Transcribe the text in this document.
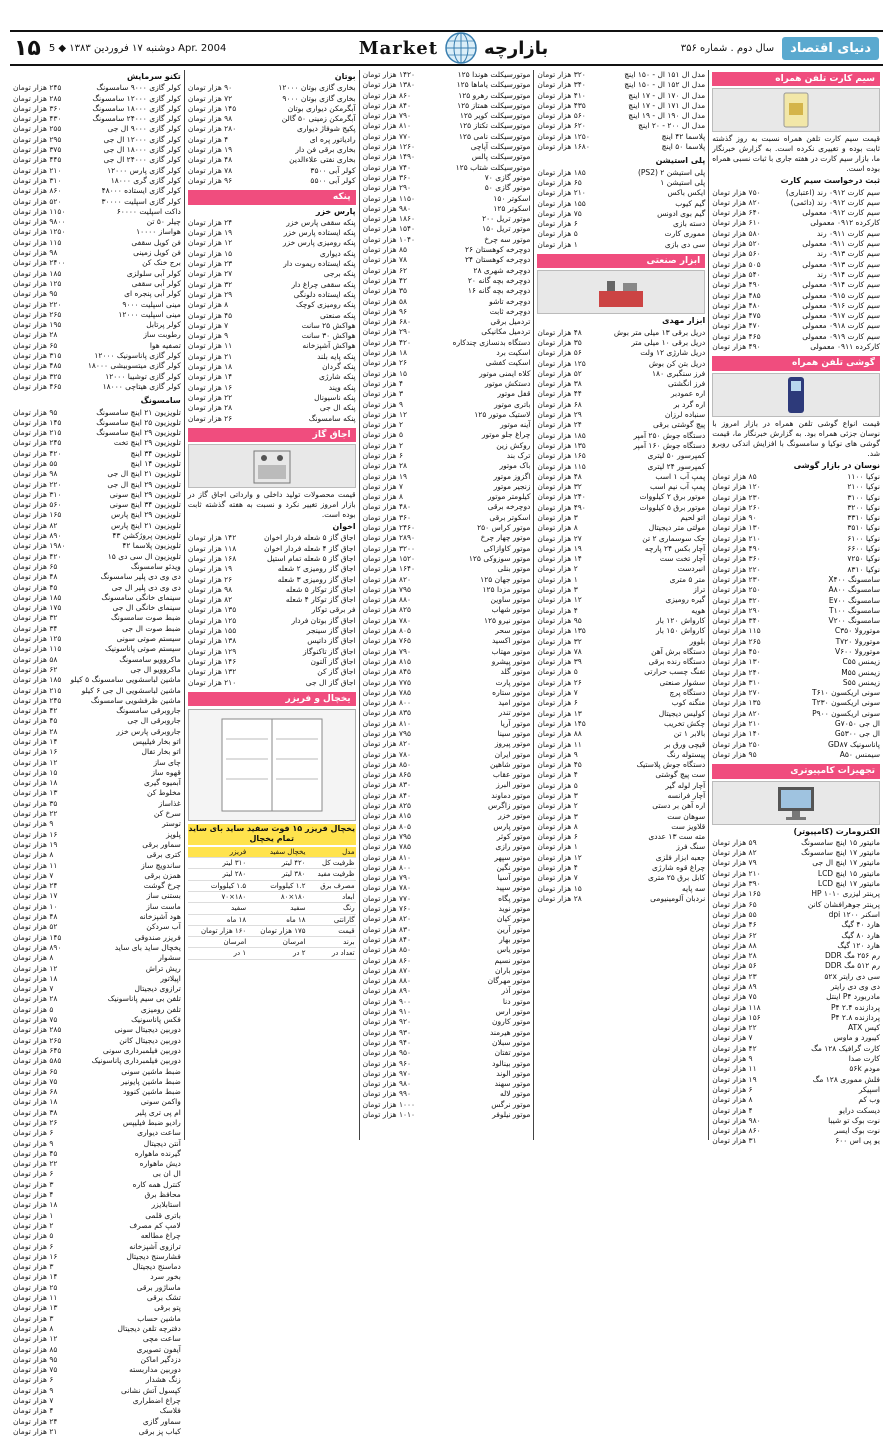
۱۵ دوشنبه ۱۷ فروردین ۱۳۸۳ ◆ 5 Apr. 2004	Market	بازارچه	سال دوم . شماره ۳۵۶	دنیای اقتصاد
سیم کارت تلفن همراه
قیمت سیم کارت تلفن همراه نسبت به روز گذشته ثابت بوده و تغییری نکرده است. به گزارش خبرنگار ما، بازار سیم کارت در هفته جاری با ثبات نسبی همراه بوده است.
ثبت درخواست سیم کارت
سیم کارت ۰۹۱۲ رند (اعتباری)
۷۵۰ هزار تومان
سیم کارت ۰۹۱۲ رند (دائمی)
۸۲۰ هزار تومان
سیم کارت ۰۹۱۲ معمولی
۶۴۰ هزار تومان
کارکرده ۰۹۱۲ معمولی
۶۱۰ هزار تومان
سیم کارت ۰۹۱۱ رند
۵۸۰ هزار تومان
سیم کارت ۰۹۱۱ معمولی
۵۲۰ هزار تومان
سیم کارت ۰۹۱۳ رند
۵۶۰ هزار تومان
سیم کارت ۰۹۱۳ معمولی
۵۰۵ هزار تومان
سیم کارت ۰۹۱۴ رند
۵۴۰ هزار تومان
سیم کارت ۰۹۱۴ معمولی
۴۹۰ هزار تومان
سیم کارت ۰۹۱۵ معمولی
۴۸۵ هزار تومان
سیم کارت ۰۹۱۶ معمولی
۴۸۰ هزار تومان
سیم کارت ۰۹۱۷ معمولی
۴۷۵ هزار تومان
سیم کارت ۰۹۱۸ معمولی
۴۷۰ هزار تومان
سیم کارت ۰۹۱۹ معمولی
۴۶۵ هزار تومان
کارکرده ۰۹۱۱ معمولی
۴۹۰ هزار تومان
گوشی تلفن همراه
قیمت انواع گوشی تلفن همراه در بازار امروز با نوسان جزئی همراه بود. به گزارش خبرنگار ما، قیمت گوشی های نوکیا و سامسونگ با افزایش اندکی روبرو شد.
نوسان در بازار گوشی
نوکیا ۱۱۰۰
۸۵ هزار تومان
نوکیا ۲۱۰۰
۱۲۰ هزار تومان
نوکیا ۳۱۰۰
۲۳۰ هزار تومان
نوکیا ۳۲۰۰
۲۶۰ هزار تومان
نوکیا ۳۳۱۰
۹۰ هزار تومان
نوکیا ۳۵۱۰
۱۳۰ هزار تومان
نوکیا ۶۱۰۰
۲۱۰ هزار تومان
نوکیا ۶۶۰۰
۴۹۰ هزار تومان
نوکیا ۷۲۵۰
۳۶۰ هزار تومان
نوکیا ۸۳۱۰
۲۲۰ هزار تومان
سامسونگ X۴۰۰
۲۳۰ هزار تومان
سامسونگ A۸۰۰
۲۵۰ هزار تومان
سامسونگ E۷۰۰
۳۲۰ هزار تومان
سامسونگ T۱۰۰
۲۹۰ هزار تومان
سامسونگ V۲۰۰
۳۴۰ هزار تومان
موتورولا C۳۵۰
۱۱۵ هزار تومان
موتورولا T۷۲۰
۲۶۵ هزار تومان
موتورولا V۶۰۰
۴۵۰ هزار تومان
زیمنس C۵۵
۱۳۰ هزار تومان
زیمنس M۵۵
۲۴۰ هزار تومان
زیمنس S۵۵
۳۱۰ هزار تومان
سونی اریکسون T۶۱۰
۲۷۰ هزار تومان
سونی اریکسون T۲۳۰
۱۳۵ هزار تومان
سونی اریکسون P۹۰۰
۸۲۰ هزار تومان
ال جی G۷۰۵۰
۲۱۰ هزار تومان
ال جی G۵۳۰۰
۱۴۰ هزار تومان
پاناسونیک GD۸۷
۲۵۰ هزار تومان
سیمنس A۵۰
۹۵ هزار تومان
تجهیزات کامپیوتری
الکترومارت (کامپیوتر)
مانیتور ۱۵ اینچ سامسونگ
۵۹ هزار تومان
مانیتور ۱۷ اینچ سامسونگ
۸۲ هزار تومان
مانیتور ۱۷ اینچ ال جی
۷۹ هزار تومان
مانیتور ۱۵ اینچ LCD
۲۱۰ هزار تومان
مانیتور ۱۷ اینچ LCD
۳۹۰ هزار تومان
پرینتر لیزری HP ۱۰۱۰
۱۶۵ هزار تومان
پرینتر جوهرافشان کانن
۶۵ هزار تومان
اسکنر ۱۲۰۰ dpi
۵۵ هزار تومان
هارد ۴۰ گیگ
۴۶ هزار تومان
هارد ۸۰ گیگ
۶۲ هزار تومان
هارد ۱۲۰ گیگ
۸۸ هزار تومان
رم ۲۵۶ مگ DDR
۲۸ هزار تومان
رم ۵۱۲ مگ DDR
۵۶ هزار تومان
سی دی رایتر ۵۲x
۲۳ هزار تومان
دی وی دی رایتر
۸۹ هزار تومان
مادربورد P۴ اینتل
۷۵ هزار تومان
پردازنده P۴ ۲.۴
۱۱۸ هزار تومان
پردازنده P۴ ۲.۸
۱۵۶ هزار تومان
کیس ATX
۲۲ هزار تومان
کیبورد و ماوس
۷ هزار تومان
کارت گرافیک ۱۲۸ مگ
۴۲ هزار تومان
کارت صدا
۹ هزار تومان
مودم ۵۶k
۱۱ هزار تومان
فلش مموری ۱۲۸ مگ
۱۹ هزار تومان
اسپیکر
۶ هزار تومان
وب کم
۸ هزار تومان
دیسکت درایو
۴ هزار تومان
نوت بوک تو شیبا
۹۸۰ هزار تومان
نوت بوک ایسر
۸۶۰ هزار تومان
یو پی اس ۶۰۰
۳۱ هزار تومان
مدل ال ۱۵۱ ال - ۱۵۰ اینچ
۳۲۰ هزار تومان
مدل ال ۱۵۲ ال - ۱۵۰ اینچ
۳۴۰ هزار تومان
مدل ال ۱۷۰ ال - ۱۷ اینچ
۴۱۰ هزار تومان
مدل ال ۱۷۱ ال - ۱۷ اینچ
۴۳۵ هزار تومان
مدل ال ۱۹۰ ال - ۱۹ اینچ
۵۶۰ هزار تومان
مدل ال ۲۰۰ - ۲۰ اینچ
۶۲۰ هزار تومان
پلاسما ۴۲ اینچ
۱۲۵۰ هزار تومان
پلاسما ۵۰ اینچ
۱۶۸۰ هزار تومان
پلی استیشن
پلی استیشن ۲ (PS2)
۱۸۵ هزار تومان
پلی استیشن ۱
۶۵ هزار تومان
ایکس باکس
۲۱۰ هزار تومان
گیم کیوب
۱۵۵ هزار تومان
گیم بوی ادونس
۷۵ هزار تومان
دسته بازی
۶ هزار تومان
مموری کارت
۵ هزار تومان
سی دی بازی
۱ هزار تومان
ابزار صنعتی
ابزار مهدی
دریل برقی ۱۳ میلی متر بوش
۴۸ هزار تومان
دریل برقی ۱۰ میلی متر
۳۵ هزار تومان
دریل شارژی ۱۲ ولت
۵۶ هزار تومان
دریل بتن کن بوش
۱۲۵ هزار تومان
فرز سنگبری ۱۸۰
۵۲ هزار تومان
فرز انگشتی
۳۸ هزار تومان
اره عمودبر
۴۴ هزار تومان
اره گرد بر
۶۸ هزار تومان
سنباده لرزان
۲۹ هزار تومان
پیچ گوشتی برقی
۲۴ هزار تومان
دستگاه جوش ۲۵۰ آمپر
۱۸۵ هزار تومان
دستگاه جوش ۱۶۰ آمپر
۱۳۵ هزار تومان
کمپرسور ۵۰ لیتری
۱۶۵ هزار تومان
کمپرسور ۲۴ لیتری
۱۱۵ هزار تومان
پمپ آب ۱ اسب
۴۸ هزار تومان
پمپ آب نیم اسب
۳۲ هزار تومان
موتور برق ۲ کیلووات
۲۴۰ هزار تومان
موتور برق ۵ کیلووات
۴۹۰ هزار تومان
اتو لحیم
۳ هزار تومان
مولتی متر دیجیتال
۸ هزار تومان
جک سوسماری ۲ تن
۲۷ هزار تومان
آچار بکس ۲۴ پارچه
۱۹ هزار تومان
آچار تخت ست
۱۴ هزار تومان
انبردست
۲ هزار تومان
متر ۵ متری
۱ هزار تومان
تراز
۳ هزار تومان
گیره رومیزی
۱۲ هزار تومان
هویه
۴ هزار تومان
کارواش ۱۲۰ بار
۹۵ هزار تومان
کارواش ۱۵۰ بار
۱۳۵ هزار تومان
بلوور
۳۲ هزار تومان
دستگاه برش آهن
۷۸ هزار تومان
دستگاه رنده برقی
۳۹ هزار تومان
تفنگ چسب حرارتی
۵ هزار تومان
سشوار صنعتی
۲۶ هزار تومان
دستگاه پرچ
۷ هزار تومان
منگنه کوب
۶ هزار تومان
کولیس دیجیتال
۱۳ هزار تومان
چکش تخریب
۱۴۵ هزار تومان
بالابر ۱ تن
۸۸ هزار تومان
قیچی ورق بر
۱۱ هزار تومان
پیستوله رنگ
۹ هزار تومان
دستگاه جوش پلاستیک
۴۵ هزار تومان
ست پیچ گوشتی
۴ هزار تومان
آچار لوله گیر
۵ هزار تومان
آچار فرانسه
۳ هزار تومان
اره آهن بر دستی
۲ هزار تومان
سوهان ست
۳ هزار تومان
قلاویز ست
۸ هزار تومان
مته ست ۱۳ عددی
۶ هزار تومان
سنگ فرز
۱ هزار تومان
جعبه ابزار فلزی
۱۲ هزار تومان
چراغ قوه شارژی
۴ هزار تومان
کابل برق ۲۵ متری
۷ هزار تومان
سه پایه
۱۵ هزار تومان
نردبان آلومینیومی
۲۸ هزار تومان
موتورسیکلت هوندا ۱۲۵
۱۴۲۰ هزار تومان
موتورسیکلت یاماها ۱۲۵
۱۳۸۰ هزار تومان
موتورسیکلت رهرو ۱۲۵
۸۶۰ هزار تومان
موتورسیکلت همتاز ۱۲۵
۸۴۰ هزار تومان
موتورسیکلت کویر ۱۲۵
۷۹۰ هزار تومان
موتورسیکلت تکتاز ۱۲۵
۸۱۰ هزار تومان
موتورسیکلت نامی ۱۲۵
۷۷۰ هزار تومان
موتورسیکلت آپاچی
۱۲۶۰ هزار تومان
موتورسیکلت پالس
۱۴۹۰ هزار تومان
موتورسیکلت شتاب ۱۲۵
۷۴۰ هزار تومان
موتور گازی ۷۰
۳۶۰ هزار تومان
موتور گازی ۵۰
۲۹۰ هزار تومان
اسکوتر ۱۵۰
۱۱۵۰ هزار تومان
اسکوتر ۱۲۵
۹۸۰ هزار تومان
موتور تریل ۲۰۰
۱۸۶۰ هزار تومان
موتور تریل ۱۵۰
۱۵۴۰ هزار تومان
موتور سه چرخ
۱۰۴۰ هزار تومان
دوچرخه کوهستان ۲۶
۸۵ هزار تومان
دوچرخه کوهستان ۲۴
۷۸ هزار تومان
دوچرخه شهری ۲۸
۶۲ هزار تومان
دوچرخه بچه گانه ۲۰
۴۲ هزار تومان
دوچرخه بچه گانه ۱۶
۳۵ هزار تومان
دوچرخه تاشو
۵۸ هزار تومان
دوچرخه ثابت
۹۶ هزار تومان
تردمیل برقی
۶۸۰ هزار تومان
تردمیل مکانیکی
۲۹۰ هزار تومان
دستگاه بدنسازی چندکاره
۴۲۰ هزار تومان
اسکیت برد
۱۸ هزار تومان
اسکیت کفشی
۲۶ هزار تومان
کلاه ایمنی موتور
۱۵ هزار تومان
دستکش موتور
۴ هزار تومان
قفل موتور
۳ هزار تومان
باتری موتور
۹ هزار تومان
لاستیک موتور ۱۲۵
۱۲ هزار تومان
آینه موتور
۲ هزار تومان
چراغ جلو موتور
۵ هزار تومان
روکش زین
۲ هزار تومان
ترک بند
۶ هزار تومان
باک موتور
۲۸ هزار تومان
اگزوز موتور
۱۹ هزار تومان
زنجیر موتور
۷ هزار تومان
کیلومتر موتور
۸ هزار تومان
دوچرخه برقی
۴۸۰ هزار تومان
اسکوتر برقی
۳۶۰ هزار تومان
موتور کراس ۲۵۰
۲۴۶۰ هزار تومان
موتور چهار چرخ
۲۸۹۰ هزار تومان
موتور کاوازاکی
۳۲۰۰ هزار تومان
موتور سوزوکی ۱۲۵
۱۵۲۰ هزار تومان
موتور بنلی
۱۶۴۰ هزار تومان
موتور جهان ۱۲۵
۸۲۰ هزار تومان
موتور مزدا ۱۲۵
۷۹۵ هزار تومان
موتور ساوین
۸۸۰ هزار تومان
موتور شهاب
۸۲۵ هزار تومان
موتور نیرو ۱۲۵
۷۸۰ هزار تومان
موتور سحر
۸۰۵ هزار تومان
موتور اکسید
۷۶۵ هزار تومان
موتور مهتاب
۷۹۰ هزار تومان
موتور پیشرو
۸۱۵ هزار تومان
موتور گلد
۸۴۵ هزار تومان
موتور پارت
۷۷۵ هزار تومان
موتور ستاره
۷۸۵ هزار تومان
موتور امید
۸۰۰ هزار تومان
موتور تندر
۸۳۵ هزار تومان
موتور آریا
۸۱۰ هزار تومان
موتور سینا
۷۹۵ هزار تومان
موتور پیروز
۸۲۰ هزار تومان
موتور ایران
۷۸۰ هزار تومان
موتور شاهین
۸۵۰ هزار تومان
موتور عقاب
۸۶۵ هزار تومان
موتور البرز
۸۳۰ هزار تومان
موتور دماوند
۸۴۰ هزار تومان
موتور زاگرس
۸۲۵ هزار تومان
موتور خزر
۸۱۵ هزار تومان
موتور پارس
۸۰۵ هزار تومان
موتور کوثر
۷۹۵ هزار تومان
موتور رازی
۷۸۵ هزار تومان
موتور سپهر
۸۱۰ هزار تومان
موتور نگین
۸۰۰ هزار تومان
موتور آسیا
۷۹۰ هزار تومان
موتور سپید
۷۸۰ هزار تومان
موتور پگاه
۷۷۰ هزار تومان
موتور نوید
۷۶۰ هزار تومان
موتور کیان
۸۲۰ هزار تومان
موتور آرین
۸۳۰ هزار تومان
موتور بهار
۸۴۰ هزار تومان
موتور یاس
۸۵۰ هزار تومان
موتور نسیم
۸۶۰ هزار تومان
موتور باران
۸۷۰ هزار تومان
موتور مهرگان
۸۸۰ هزار تومان
موتور آذر
۸۹۰ هزار تومان
موتور دنا
۹۰۰ هزار تومان
موتور ارس
۹۱۰ هزار تومان
موتور کارون
۹۲۰ هزار تومان
موتور هیرمند
۹۳۰ هزار تومان
موتور سبلان
۹۴۰ هزار تومان
موتور تفتان
۹۵۰ هزار تومان
موتور بینالود
۹۶۰ هزار تومان
موتور الوند
۹۷۰ هزار تومان
موتور سهند
۹۸۰ هزار تومان
موتور لاله
۹۹۰ هزار تومان
موتور نرگس
۱۰۰۰ هزار تومان
موتور نیلوفر
۱۰۱۰ هزار تومان
بوتان
بخاری گازی بوتان ۱۲۰۰۰
۹۰ هزار تومان
بخاری گازی بوتان ۹۰۰۰
۷۲ هزار تومان
آبگرمکن دیواری بوتان
۱۴۵ هزار تومان
آبگرمکن زمینی ۵۰ گالن
۹۸ هزار تومان
پکیج شوفاژ دیواری
۲۸۰ هزار تومان
رادیاتور پره ای
۴ هزار تومان
بخاری برقی فن دار
۱۹ هزار تومان
بخاری نفتی علاءالدین
۴۸ هزار تومان
کولر آبی ۳۵۰۰
۷۸ هزار تومان
کولر آبی ۵۵۰۰
۹۶ هزار تومان
پنکه
پارس خزر
پنکه سقفی پارس خزر
۲۴ هزار تومان
پنکه ایستاده پارس خزر
۱۹ هزار تومان
پنکه رومیزی پارس خزر
۱۲ هزار تومان
پنکه دیواری
۱۵ هزار تومان
پنکه ایستاده ریموت دار
۲۳ هزار تومان
پنکه برجی
۲۷ هزار تومان
پنکه سقفی چراغ دار
۳۲ هزار تومان
پنکه ایستاده دلونگی
۲۹ هزار تومان
پنکه رومیزی کوچک
۸ هزار تومان
پنکه صنعتی
۴۵ هزار تومان
هواکش ۲۵ سانت
۷ هزار تومان
هواکش ۳۰ سانت
۹ هزار تومان
هواکش آشپزخانه
۱۱ هزار تومان
پنکه پایه بلند
۲۱ هزار تومان
پنکه گردان
۱۸ هزار تومان
پنکه شارژی
۱۴ هزار تومان
پنکه ویند
۱۶ هزار تومان
پنکه ناسیونال
۲۲ هزار تومان
پنکه ال جی
۲۸ هزار تومان
پنکه سامسونگ
۲۶ هزار تومان
اجاق گاز
قیمت محصولات تولید داخلی و وارداتی اجاق گاز در بازار امروز تغییر نکرد و نسبت به هفته گذشته ثابت بوده است.
اخوان
اجاق گاز ۵ شعله فردار اخوان
۱۴۲ هزار تومان
اجاق گاز ۴ شعله فردار اخوان
۱۱۸ هزار تومان
اجاق گاز ۵ شعله تمام استیل
۱۶۸ هزار تومان
اجاق گاز رومیزی ۲ شعله
۱۹ هزار تومان
اجاق گاز رومیزی ۳ شعله
۲۶ هزار تومان
اجاق گاز توکار ۵ شعله
۹۸ هزار تومان
اجاق گاز توکار ۴ شعله
۸۲ هزار تومان
فر برقی توکار
۱۳۵ هزار تومان
اجاق گاز بوتان فردار
۱۲۵ هزار تومان
اجاق گاز سینجر
۱۵۵ هزار تومان
اجاق گاز داتیس
۱۳۸ هزار تومان
اجاق گاز تاکنوگاز
۱۲۹ هزار تومان
اجاق گاز آلتون
۱۴۶ هزار تومان
اجاق گاز کن
۱۳۲ هزار تومان
اجاق گاز ال جی
۲۱۰ هزار تومان
یخچال و فریزر
یخچال فریزر ۱۵ فوت سفید ساید بای ساید تمام یخچال
مدل	یخچال سفید	فریزر
ظرفیت کل	۴۲۰ لیتر	۳۱۰ لیتر
ظرفیت مفید	۳۸۰ لیتر	۲۸۰ لیتر
مصرف برق	۱.۲ کیلووات	۱.۵ کیلووات
ابعاد	۱۸۰×۸۰	۱۸۰×۷۰
رنگ	سفید	سفید
گارانتی	۱۸ ماه	۱۸ ماه
قیمت	۱۷۵ هزار تومان	۱۶۰ هزار تومان
برند	امرسان	امرسان
تعداد در	۲ در	۱ در
تکنو سرمایش
کولر گازی ۹۰۰۰ سامسونگ
۲۴۵ هزار تومان
کولر گازی ۱۲۰۰۰ سامسونگ
۲۸۵ هزار تومان
کولر گازی ۱۸۰۰۰ سامسونگ
۳۶۰ هزار تومان
کولر گازی ۲۴۰۰۰ سامسونگ
۴۳۰ هزار تومان
کولر گازی ۹۰۰۰ ال جی
۲۵۵ هزار تومان
کولر گازی ۱۲۰۰۰ ال جی
۲۹۵ هزار تومان
کولر گازی ۱۸۰۰۰ ال جی
۳۷۵ هزار تومان
کولر گازی ۲۴۰۰۰ ال جی
۴۴۵ هزار تومان
کولر گازی پارس ۱۲۰۰۰
۲۱۰ هزار تومان
کولر گازی گری ۱۸۰۰۰
۳۱۰ هزار تومان
کولر گازی ایستاده ۴۸۰۰۰
۸۶۰ هزار تومان
کولر گازی اسپلیت ۳۰۰۰۰
۵۲۰ هزار تومان
داکت اسپلیت ۶۰۰۰۰
۱۱۵۰ هزار تومان
چیلر ۵۰ تن
۹۸۰۰ هزار تومان
هواساز ۱۰۰۰۰
۱۲۵۰ هزار تومان
فن کویل سقفی
۱۱۵ هزار تومان
فن کویل زمینی
۹۸ هزار تومان
برج خنک کن
۲۴۰۰ هزار تومان
کولر آبی سلولزی
۱۸۵ هزار تومان
کولر آبی سقفی
۱۲۵ هزار تومان
کولر آبی پنجره ای
۹۵ هزار تومان
مینی اسپلیت ۹۰۰۰
۲۲۰ هزار تومان
مینی اسپلیت ۱۲۰۰۰
۲۶۵ هزار تومان
کولر پرتابل
۱۹۵ هزار تومان
رطوبت ساز
۲۸ هزار تومان
تصفیه هوا
۶۵ هزار تومان
کولر گازی پاناسونیک ۱۲۰۰۰
۳۱۵ هزار تومان
کولر گازی میتسوبیشی ۱۸۰۰۰
۴۸۵ هزار تومان
کولر گازی توشیبا ۱۲۰۰۰
۳۲۵ هزار تومان
کولر گازی هیتاچی ۱۸۰۰۰
۴۶۵ هزار تومان
سامسونگ
تلویزیون ۲۱ اینچ سامسونگ
۹۵ هزار تومان
تلویزیون ۲۵ اینچ سامسونگ
۱۴۵ هزار تومان
تلویزیون ۲۹ اینچ سامسونگ
۲۱۵ هزار تومان
تلویزیون ۲۹ اینچ تخت
۲۴۵ هزار تومان
تلویزیون ۳۴ اینچ
۴۲۰ هزار تومان
تلویزیون ۱۴ اینچ
۵۵ هزار تومان
تلویزیون ۲۱ اینچ ال جی
۹۸ هزار تومان
تلویزیون ۲۹ اینچ ال جی
۲۲۰ هزار تومان
تلویزیون ۲۹ اینچ سونی
۳۱۰ هزار تومان
تلویزیون ۳۴ اینچ سونی
۵۶۰ هزار تومان
تلویزیون ۲۹ اینچ پارس
۱۶۵ هزار تومان
تلویزیون ۲۱ اینچ پارس
۸۲ هزار تومان
تلویزیون پروژکشن ۴۳
۸۹۰ هزار تومان
تلویزیون پلاسما ۴۲
۱۹۸۰ هزار تومان
تلویزیون ال سی دی ۱۵
۴۲۰ هزار تومان
ویدئو سامسونگ
۶۵ هزار تومان
دی وی دی پلیر سامسونگ
۴۸ هزار تومان
دی وی دی پلیر ال جی
۴۵ هزار تومان
سینمای خانگی سامسونگ
۱۸۵ هزار تومان
سینمای خانگی ال جی
۱۷۵ هزار تومان
ضبط صوت سامسونگ
۳۲ هزار تومان
ضبط صوت ال جی
۳۴ هزار تومان
سیستم صوتی سونی
۱۲۵ هزار تومان
سیستم صوتی پاناسونیک
۱۱۵ هزار تومان
ماکروویو سامسونگ
۵۸ هزار تومان
ماکروویو ال جی
۶۲ هزار تومان
ماشین لباسشویی سامسونگ ۵ کیلو
۱۸۵ هزار تومان
ماشین لباسشویی ال جی ۶ کیلو
۲۱۵ هزار تومان
ماشین ظرفشویی سامسونگ
۲۴۵ هزار تومان
جاروبرقی سامسونگ
۴۲ هزار تومان
جاروبرقی ال جی
۴۵ هزار تومان
جاروبرقی پارس خزر
۲۸ هزار تومان
اتو بخار فیلیپس
۱۴ هزار تومان
اتو بخار تفال
۱۶ هزار تومان
چای ساز
۱۲ هزار تومان
قهوه ساز
۱۵ هزار تومان
آبمیوه گیری
۱۸ هزار تومان
مخلوط کن
۱۳ هزار تومان
غذاساز
۳۵ هزار تومان
سرخ کن
۲۲ هزار تومان
توستر
۹ هزار تومان
پلوپز
۱۶ هزار تومان
سماور برقی
۱۹ هزار تومان
کتری برقی
۸ هزار تومان
ساندویچ ساز
۱۱ هزار تومان
همزن برقی
۷ هزار تومان
چرخ گوشت
۲۴ هزار تومان
بستنی ساز
۱۷ هزار تومان
ماست ساز
۱۰ هزار تومان
هود آشپزخانه
۴۸ هزار تومان
آب سردکن
۵۲ هزار تومان
فریزر صندوقی
۱۴۵ هزار تومان
یخچال ساید بای ساید
۸۹۰ هزار تومان
سشوار
۸ هزار تومان
ریش تراش
۱۲ هزار تومان
اپیلاتور
۱۸ هزار تومان
ترازوی دیجیتال
۷ هزار تومان
تلفن بی سیم پاناسونیک
۲۸ هزار تومان
تلفن رومیزی
۵ هزار تومان
فکس پاناسونیک
۷۵ هزار تومان
دوربین دیجیتال سونی
۲۸۵ هزار تومان
دوربین دیجیتال کانن
۲۶۵ هزار تومان
دوربین فیلمبرداری سونی
۶۴۵ هزار تومان
دوربین فیلمبرداری پاناسونیک
۵۸۵ هزار تومان
ضبط ماشین سونی
۶۵ هزار تومان
ضبط ماشین پایونیر
۷۵ هزار تومان
ضبط ماشین کنوود
۶۸ هزار تومان
واکمن سونی
۱۸ هزار تومان
ام پی تری پلیر
۳۸ هزار تومان
رادیو ضبط فیلیپس
۲۶ هزار تومان
ساعت دیواری
۶ هزار تومان
آنتن دیجیتال
۹ هزار تومان
گیرنده ماهواره
۴۵ هزار تومان
دیش ماهواره
۲۲ هزار تومان
ال ان بی
۶ هزار تومان
کنترل همه کاره
۳ هزار تومان
محافظ برق
۴ هزار تومان
استابلایزر
۱۸ هزار تومان
باتری قلمی
۱ هزار تومان
لامپ کم مصرف
۲ هزار تومان
چراغ مطالعه
۵ هزار تومان
ترازوی آشپزخانه
۶ هزار تومان
فشارسنج دیجیتال
۱۶ هزار تومان
دماسنج دیجیتال
۳ هزار تومان
بخور سرد
۱۴ هزار تومان
ماساژور برقی
۲۵ هزار تومان
تشک برقی
۱۱ هزار تومان
پتو برقی
۱۳ هزار تومان
ماشین حساب
۳ هزار تومان
دفترچه تلفن دیجیتال
۸ هزار تومان
ساعت مچی
۱۲ هزار تومان
آیفون تصویری
۸۵ هزار تومان
دزدگیر اماکن
۹۵ هزار تومان
دوربین مداربسته
۷۵ هزار تومان
زنگ هشدار
۶ هزار تومان
کپسول آتش نشانی
۹ هزار تومان
چراغ اضطراری
۷ هزار تومان
فلاسک
۴ هزار تومان
سماور گازی
۲۴ هزار تومان
کباب پز برقی
۲۱ هزار تومان
